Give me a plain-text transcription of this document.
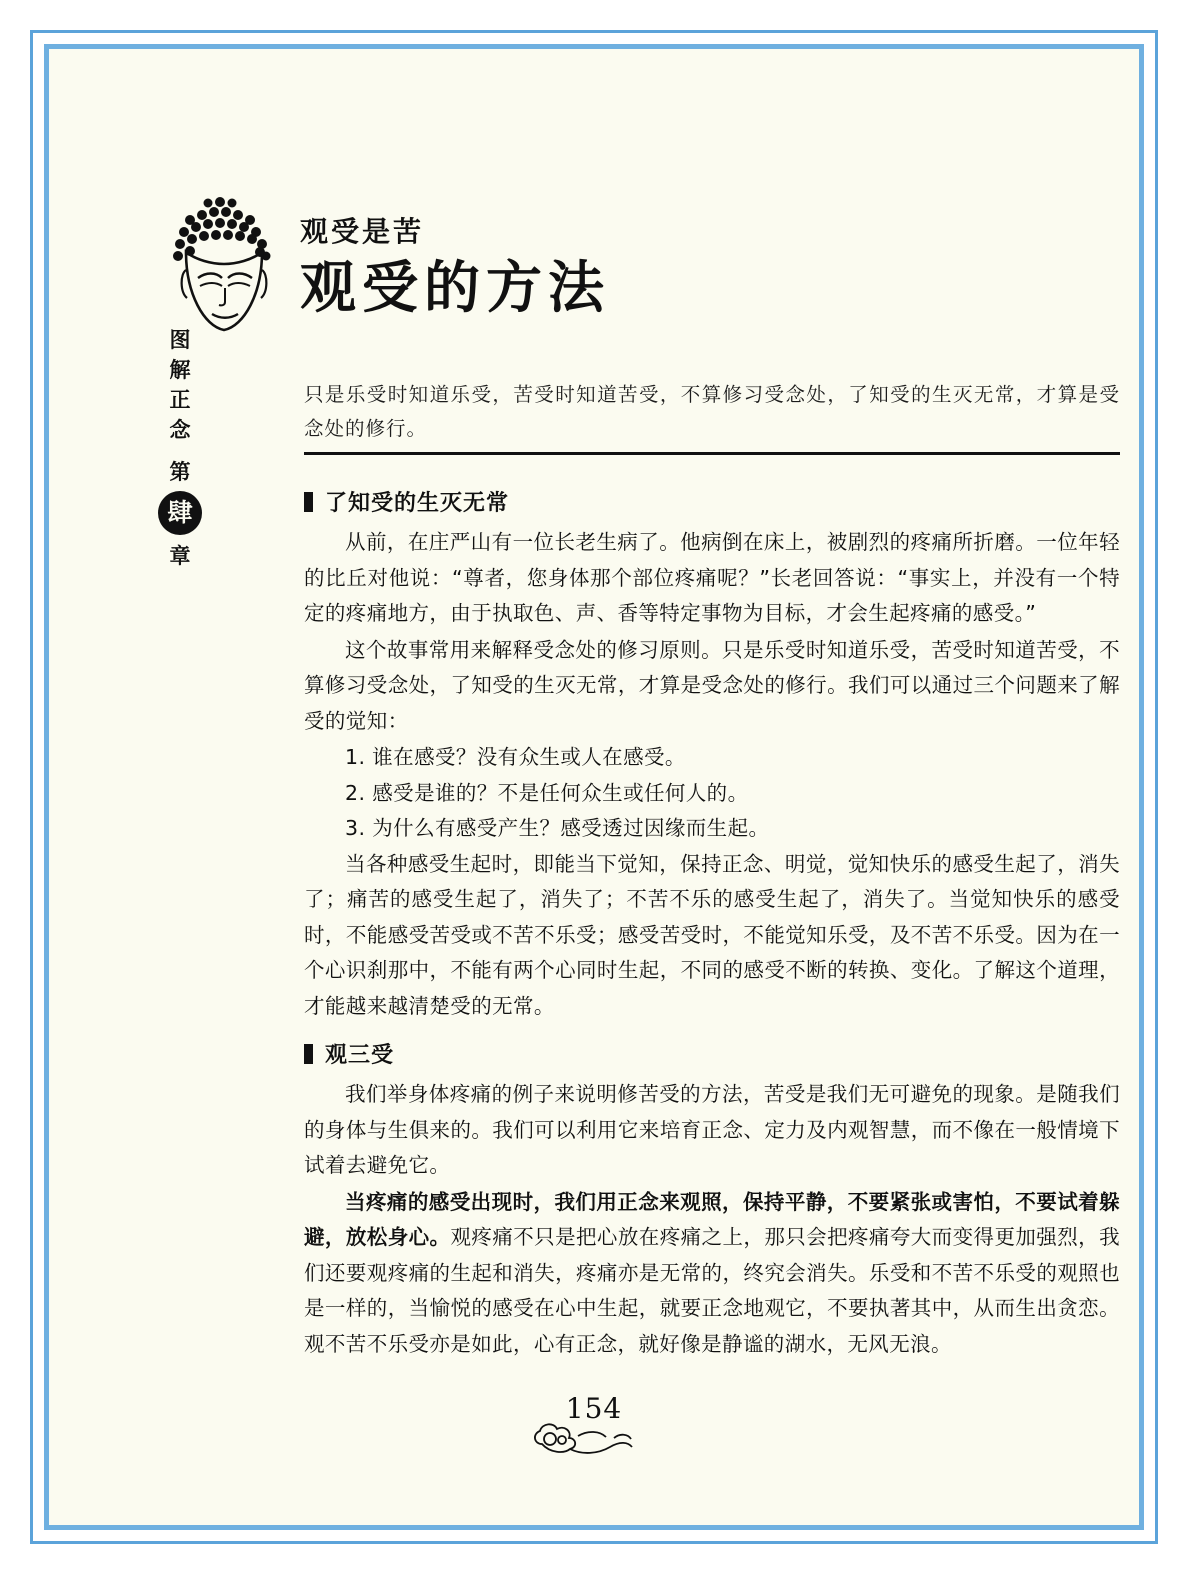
图
解
正
念
第
肆
章
观受是苦
观受的方法
只是乐受时知道乐受，苦受时知道苦受，不算修习受念处，了知受的生灭无常，才算是受念处的修行。
了知受的生灭无常

从前，在庄严山有一位长老生病了。他病倒在床上，被剧烈的疼痛所折磨。一位年轻的比丘对他说：“尊者，您身体那个部位疼痛呢？”长老回答说：“事实上，并没有一个特定的疼痛地方，由于执取色、声、香等特定事物为目标，才会生起疼痛的感受。”

这个故事常用来解释受念处的修习原则。只是乐受时知道乐受，苦受时知道苦受，不算修习受念处，了知受的生灭无常，才算是受念处的修行。我们可以通过三个问题来了解受的觉知：

1. 谁在感受？没有众生或人在感受。

2. 感受是谁的？不是任何众生或任何人的。

3. 为什么有感受产生？感受透过因缘而生起。

当各种感受生起时，即能当下觉知，保持正念、明觉，觉知快乐的感受生起了，消失了；痛苦的感受生起了，消失了；不苦不乐的感受生起了，消失了。当觉知快乐的感受时，不能感受苦受或不苦不乐受；感受苦受时，不能觉知乐受，及不苦不乐受。因为在一个心识刹那中，不能有两个心同时生起，不同的感受不断的转换、变化。了解这个道理，才能越来越清楚受的无常。

观三受

我们举身体疼痛的例子来说明修苦受的方法，苦受是我们无可避免的现象。是随我们的身体与生俱来的。我们可以利用它来培育正念、定力及内观智慧，而不像在一般情境下试着去避免它。

当疼痛的感受出现时，我们用正念来观照，保持平静，不要紧张或害怕，不要试着躲避，放松身心。观疼痛不只是把心放在疼痛之上，那只会把疼痛夸大而变得更加强烈，我们还要观疼痛的生起和消失，疼痛亦是无常的，终究会消失。乐受和不苦不乐受的观照也是一样的，当愉悦的感受在心中生起，就要正念地观它，不要执著其中，从而生出贪恋。观不苦不乐受亦是如此，心有正念，就好像是静谧的湖水，无风无浪。

154
